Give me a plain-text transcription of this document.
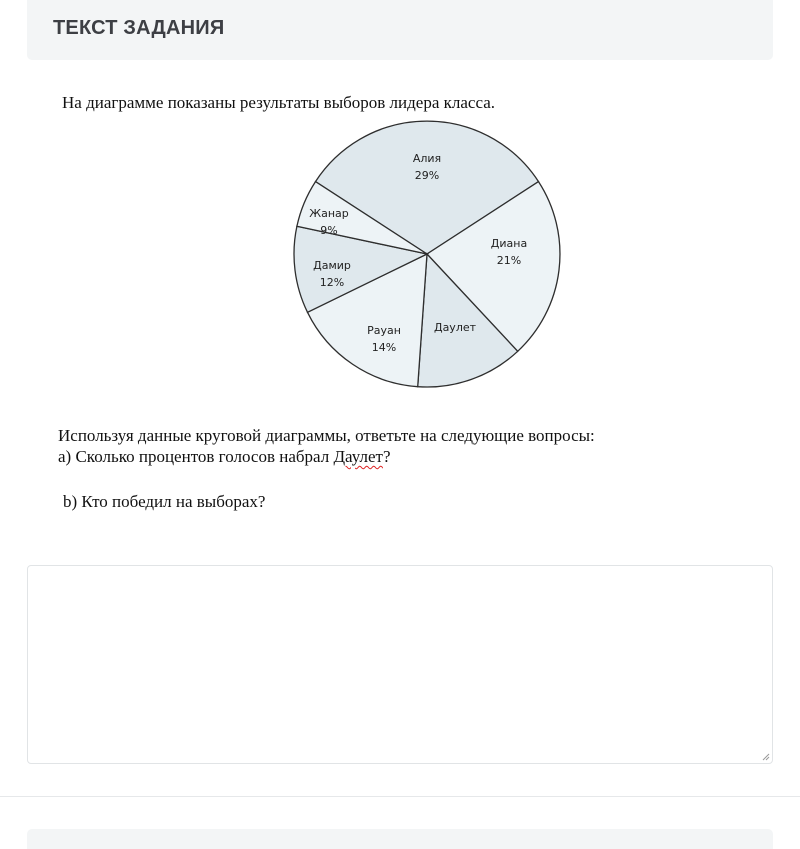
ТЕКСТ ЗАДАНИЯ
На диаграмме показаны результаты выборов лидера класса.
Алия
29%
Диана
21%
Даулет
Рауан
14%
Дамир
12%
Жанар
9%
Используя данные круговой диаграммы, ответьте на следующие вопросы:
а) Сколько процентов голосов набрал Даулет?
b) Кто победил на выборах?
